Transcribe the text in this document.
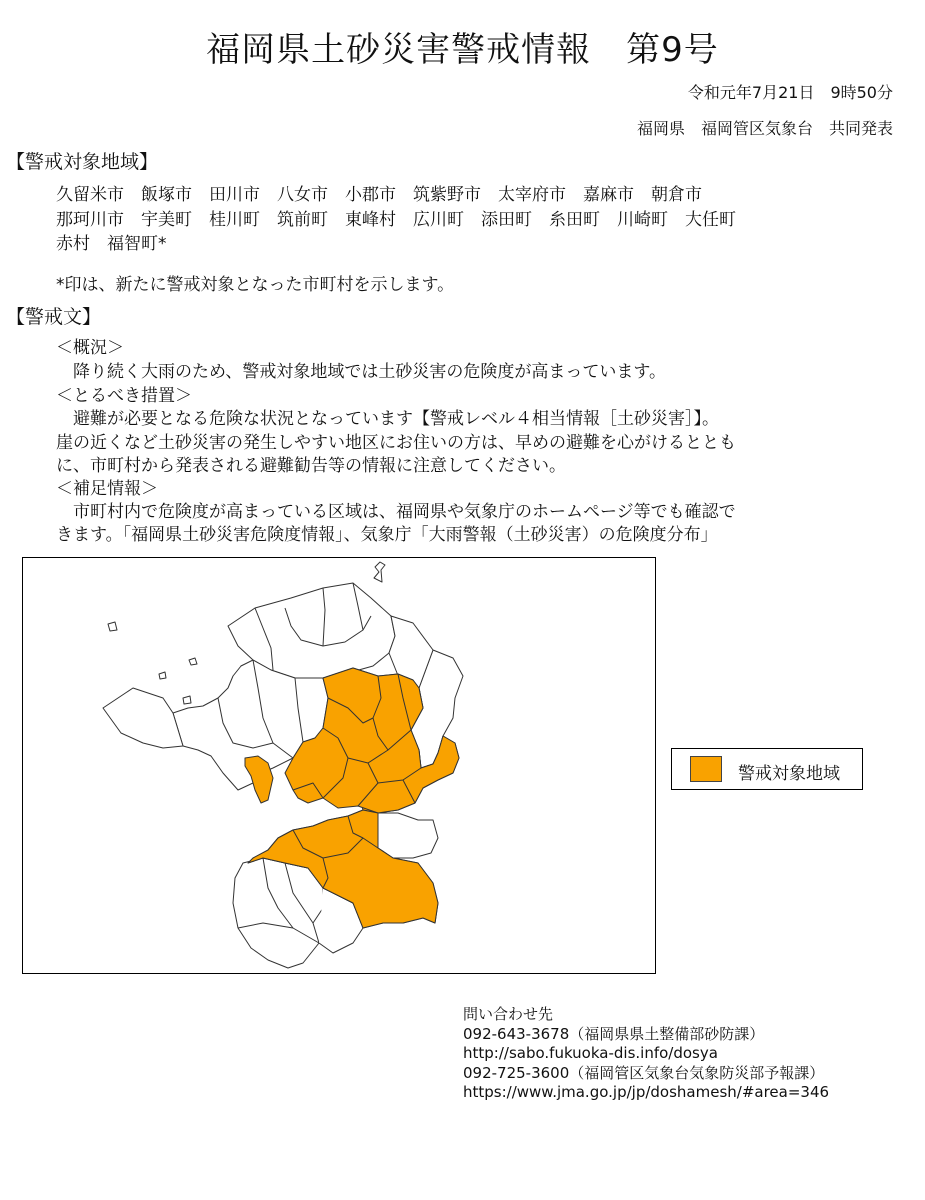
福岡県土砂災害警戒情報　第9号
令和元年7月21日　9時50分
福岡県　福岡管区気象台　共同発表
【警戒対象地域】
久留米市　飯塚市　田川市　八女市　小郡市　筑紫野市　太宰府市　嘉麻市　朝倉市
那珂川市　宇美町　桂川町　筑前町　東峰村　広川町　添田町　糸田町　川崎町　大任町
赤村　福智町*
*印は、新たに警戒対象となった市町村を示します。
【警戒文】
＜概況＞
　降り続く大雨のため、警戒対象地域では土砂災害の危険度が高まっています。
＜とるべき措置＞
　避難が必要となる危険な状況となっています【警戒レベル４相当情報［土砂災害］】。
崖の近くなど土砂災害の発生しやすい地区にお住いの方は、早めの避難を心がけるととも
に、市町村から発表される避難勧告等の情報に注意してください。
＜補足情報＞
　市町村内で危険度が高まっている区域は、福岡県や気象庁のホームページ等でも確認で
きます。「福岡県土砂災害危険度情報」、気象庁「大雨警報（土砂災害）の危険度分布」
警戒対象地域
問い合わせ先
092-643-3678（福岡県県土整備部砂防課）
http://sabo.fukuoka-dis.info/dosya
092-725-3600（福岡管区気象台気象防災部予報課）
https://www.jma.go.jp/jp/doshamesh/#area=346
